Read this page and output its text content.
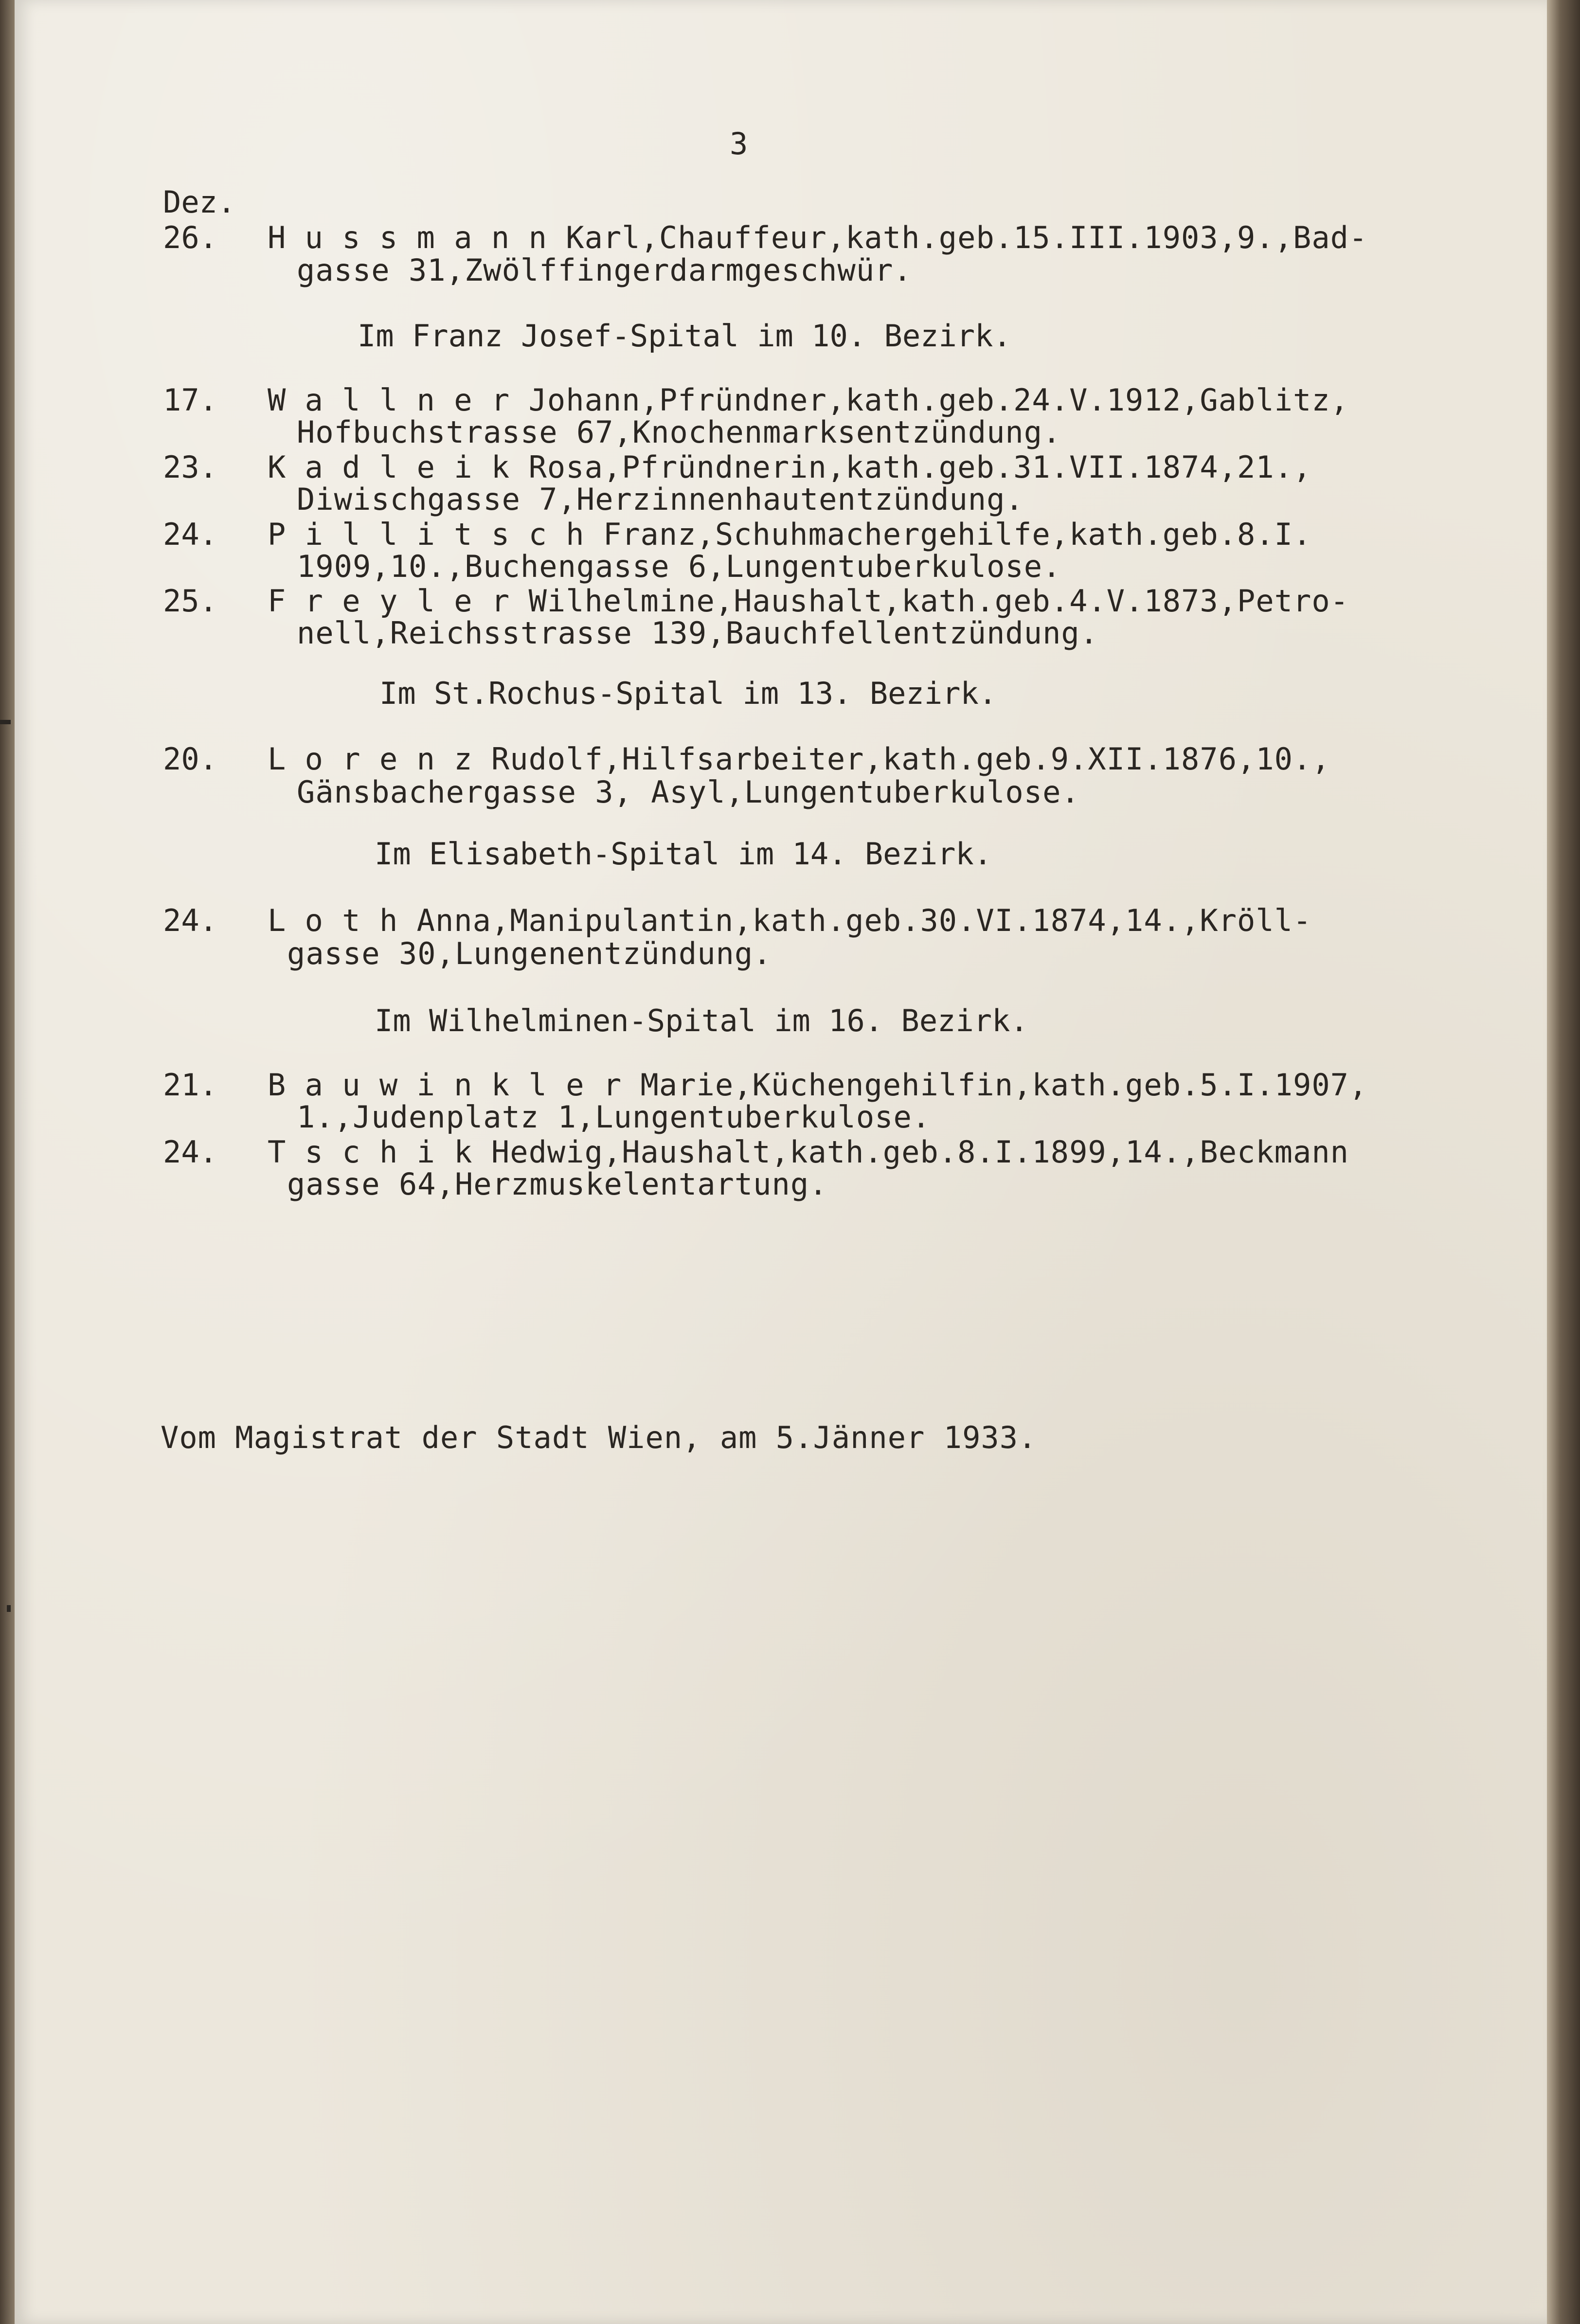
3
Dez.
26. H u s s m a n n Karl,Chauffeur,kath.geb.15.III.1903,9.,Bad-
gasse 31,Zwölffingerdarmgeschwür.
Im Franz Josef-Spital im 10. Bezirk.
17. W a l l n e r Johann,Pfründner,kath.geb.24.V.1912,Gablitz,
Hofbuchstrasse 67,Knochenmarksentzündung.
23. K a d l e i k Rosa,Pfründnerin,kath.geb.31.VII.1874,21.,
Diwischgasse 7,Herzinnenhautentzündung.
24. P i l l i t s c h Franz,Schuhmachergehilfe,kath.geb.8.I.
1909,10.,Buchengasse 6,Lungentuberkulose.
25. F r e y l e r Wilhelmine,Haushalt,kath.geb.4.V.1873,Petro-
nell,Reichsstrasse 139,Bauchfellentzündung.
Im St.Rochus-Spital im 13. Bezirk.
20. L o r e n z Rudolf,Hilfsarbeiter,kath.geb.9.XII.1876,10.,
Gänsbachergasse 3, Asyl,Lungentuberkulose.
Im Elisabeth-Spital im 14. Bezirk.
24. L o t h Anna,Manipulantin,kath.geb.30.VI.1874,14.,Kröll-
gasse 30,Lungenentzündung.
Im Wilhelminen-Spital im 16. Bezirk.
21. B a u w i n k l e r Marie,Küchengehilfin,kath.geb.5.I.1907,
1.,Judenplatz 1,Lungentuberkulose.
24. T s c h i k Hedwig,Haushalt,kath.geb.8.I.1899,14.,Beckmann
gasse 64,Herzmuskelentartung.
Vom Magistrat der Stadt Wien, am 5.Jänner 1933.
